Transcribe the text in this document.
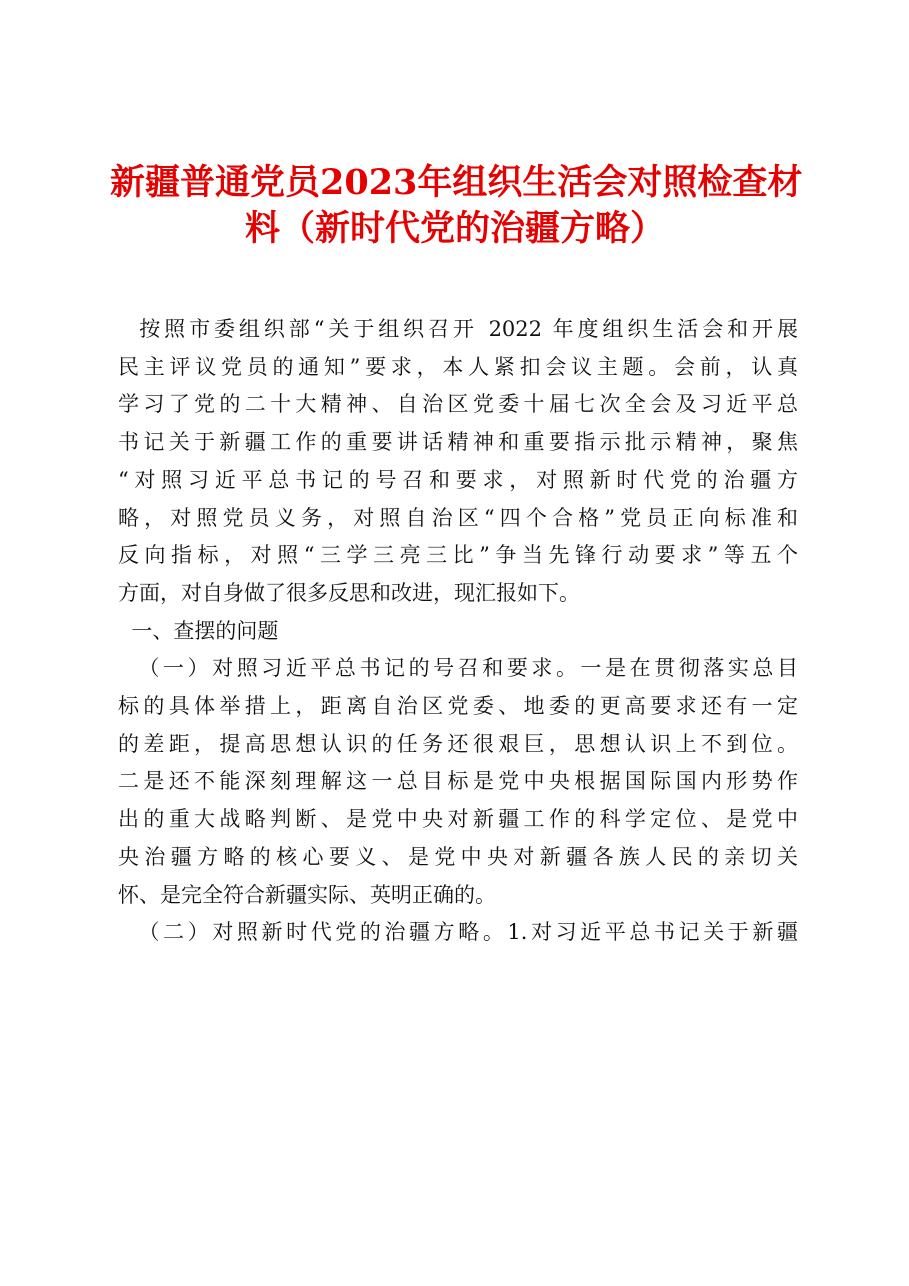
新疆普通党员2023年组织生活会对照检查材
料（新时代党的治疆方略）
按照市委组织部“关于组织召开 2022 年度组织生活会和开展
民主评议党员的通知”要求，本人紧扣会议主题。会前，认真
学习了党的二十大精神、自治区党委十届七次全会及习近平总
书记关于新疆工作的重要讲话精神和重要指示批示精神，聚焦
“对照习近平总书记的号召和要求，对照新时代党的治疆方
略，对照党员义务，对照自治区“四个合格”党员正向标准和
反向指标，对照“三学三亮三比”争当先锋行动要求”等五个
方面，对自身做了很多反思和改进，现汇报如下。
一、查摆的问题
（一）对照习近平总书记的号召和要求。一是在贯彻落实总目
标的具体举措上，距离自治区党委、地委的更高要求还有一定
的差距，提高思想认识的任务还很艰巨，思想认识上不到位。
二是还不能深刻理解这一总目标是党中央根据国际国内形势作
出的重大战略判断、是党中央对新疆工作的科学定位、是党中
央治疆方略的核心要义、是党中央对新疆各族人民的亲切关
怀、是完全符合新疆实际、英明正确的。
（二）对照新时代党的治疆方略。1.对习近平总书记关于新疆
